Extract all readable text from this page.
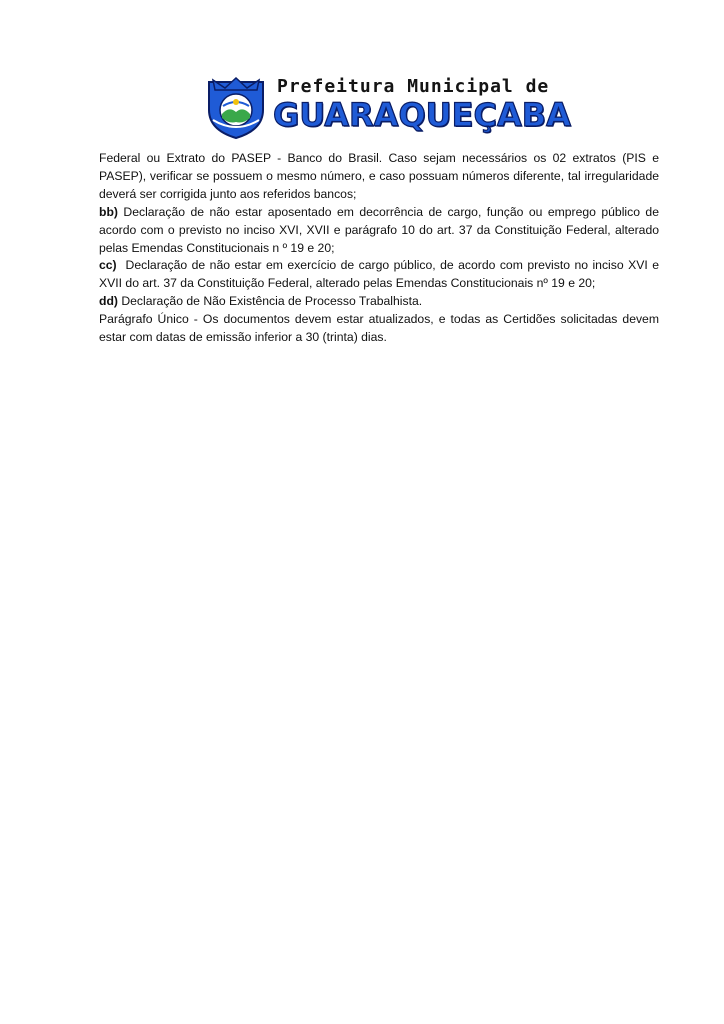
Prefeitura Municipal de
GUARAQUEÇABA

Federal ou Extrato do PASEP - Banco do Brasil. Caso sejam necessários os 02 extratos (PIS e PASEP), verificar se possuem o mesmo número, e caso possuam números diferente, tal irregularidade deverá ser corrigida junto aos referidos bancos;

bb) Declaração de não estar aposentado em decorrência de cargo, função ou emprego público de acordo com o previsto no inciso XVI, XVII e parágrafo 10 do art. 37 da Constituição Federal, alterado pelas Emendas Constitucionais n º 19 e 20;

cc)  Declaração de não estar em exercício de cargo público, de acordo com previsto no inciso XVI e XVII do art. 37 da Constituição Federal, alterado pelas Emendas Constitucionais nº 19 e 20;

dd) Declaração de Não Existência de Processo Trabalhista.

Parágrafo Único - Os documentos devem estar atualizados, e todas as Certidões solicitadas devem estar com datas de emissão inferior a 30 (trinta) dias.
